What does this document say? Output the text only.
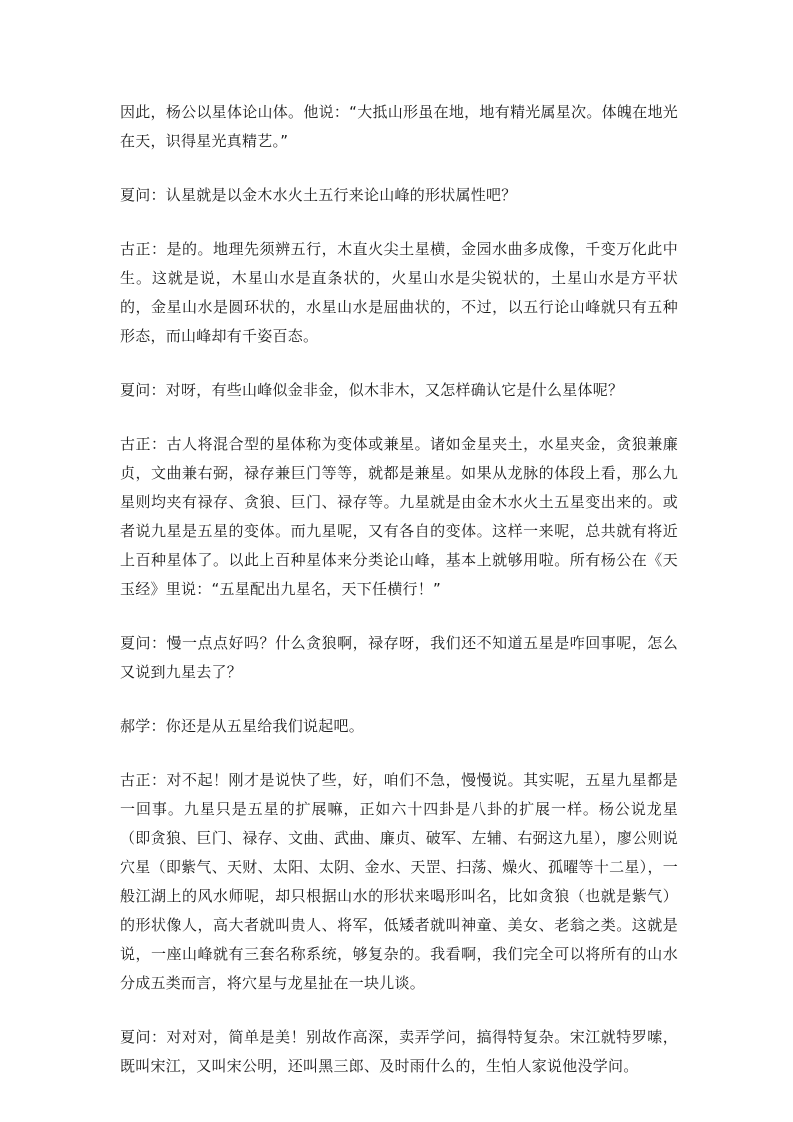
因此，杨公以星体论山体。他说：“大抵山形虽在地，地有精光属星次。体魄在地光在天，识得星光真精艺。”

夏问：认星就是以金木水火土五行来论山峰的形状属性吧？

古正：是的。地理先须辨五行，木直火尖土星横，金园水曲多成像，千变万化此中生。这就是说，木星山水是直条状的，火星山水是尖锐状的，土星山水是方平状的，金星山水是圆环状的，水星山水是屈曲状的，不过，以五行论山峰就只有五种形态，而山峰却有千姿百态。

夏问：对呀，有些山峰似金非金，似木非木，又怎样确认它是什么星体呢？

古正：古人将混合型的星体称为变体或兼星。诸如金星夹土，水星夹金，贪狼兼廉贞，文曲兼右弼，禄存兼巨门等等，就都是兼星。如果从龙脉的体段上看，那么九星则均夹有禄存、贪狼、巨门、禄存等。九星就是由金木水火土五星变出来的。或者说九星是五星的变体。而九星呢，又有各自的变体。这样一来呢，总共就有将近上百种星体了。以此上百种星体来分类论山峰，基本上就够用啦。所有杨公在《天玉经》里说：“五星配出九星名，天下任横行！”

夏问：慢一点点好吗？什么贪狼啊，禄存呀，我们还不知道五星是咋回事呢，怎么又说到九星去了？

郝学：你还是从五星给我们说起吧。

古正：对不起！刚才是说快了些，好，咱们不急，慢慢说。其实呢，五星九星都是一回事。九星只是五星的扩展嘛，正如六十四卦是八卦的扩展一样。杨公说龙星（即贪狼、巨门、禄存、文曲、武曲、廉贞、破军、左辅、右弼这九星），廖公则说穴星（即紫气、天财、太阳、太阴、金水、天罡、扫荡、燥火、孤曜等十二星），一般江湖上的风水师呢，却只根据山水的形状来喝形叫名，比如贪狼（也就是紫气）的形状像人，高大者就叫贵人、将军，低矮者就叫神童、美女、老翁之类。这就是说，一座山峰就有三套名称系统，够复杂的。我看啊，我们完全可以将所有的山水分成五类而言，将穴星与龙星扯在一块儿谈。

夏问：对对对，简单是美！别故作高深，卖弄学问，搞得特复杂。宋江就特罗嗦，既叫宋江，又叫宋公明，还叫黑三郎、及时雨什么的，生怕人家说他没学问。
